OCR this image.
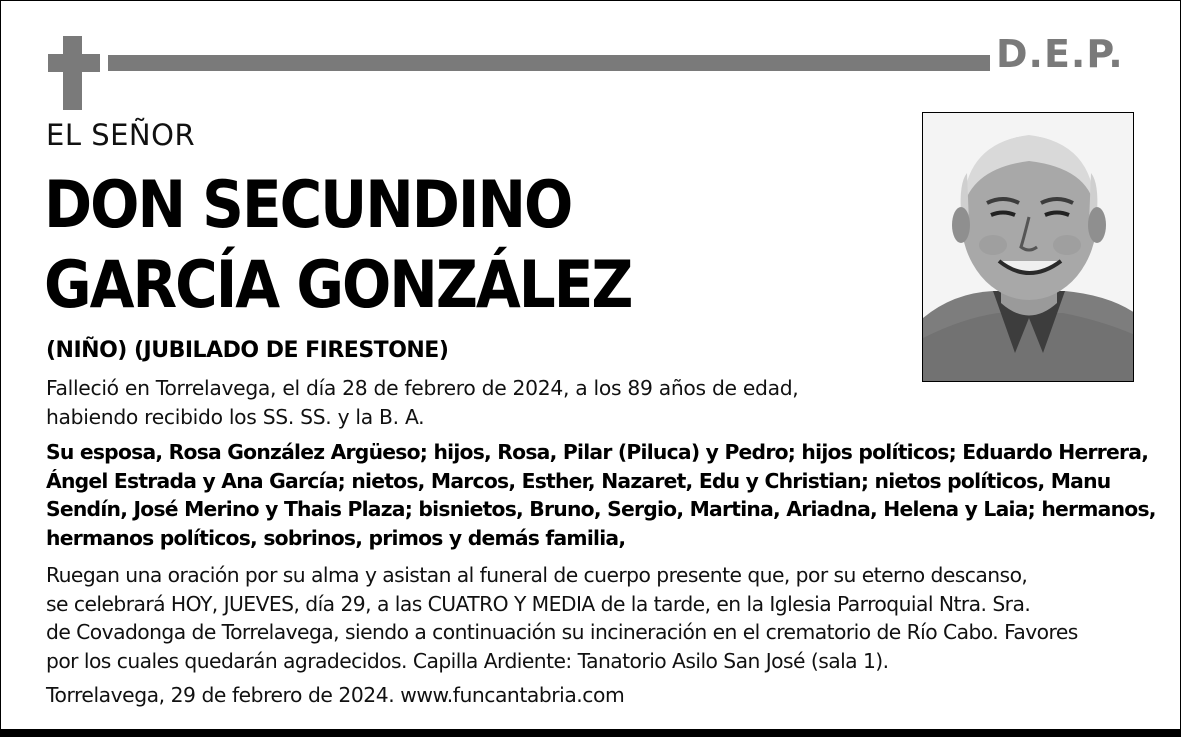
D.E.P.
EL SEÑOR
DON SECUNDINO
GARCÍA GONZÁLEZ
(NIÑO) (JUBILADO DE FIRESTONE)
Falleció en Torrelavega, el día 28 de febrero de 2024, a los 89 años de edad,
habiendo recibido los SS. SS. y la B. A.
Su esposa, Rosa González Argüeso; hijos, Rosa, Pilar (Piluca) y Pedro; hijos políticos; Eduardo Herrera,
Ángel Estrada y Ana García; nietos, Marcos, Esther, Nazaret, Edu y Christian; nietos políticos, Manu
Sendín, José Merino y Thais Plaza; bisnietos, Bruno, Sergio, Martina, Ariadna, Helena y Laia; hermanos,
hermanos políticos, sobrinos, primos y demás familia,
Ruegan una oración por su alma y asistan al funeral de cuerpo presente que, por su eterno descanso,
se celebrará HOY, JUEVES, día 29, a las CUATRO Y MEDIA de la tarde, en la Iglesia Parroquial Ntra. Sra.
de Covadonga de Torrelavega, siendo a continuación su incineración en el crematorio de Río Cabo. Favores
por los cuales quedarán agradecidos. Capilla Ardiente: Tanatorio Asilo San José (sala 1).
Torrelavega, 29 de febrero de 2024. www.funcantabria.com
